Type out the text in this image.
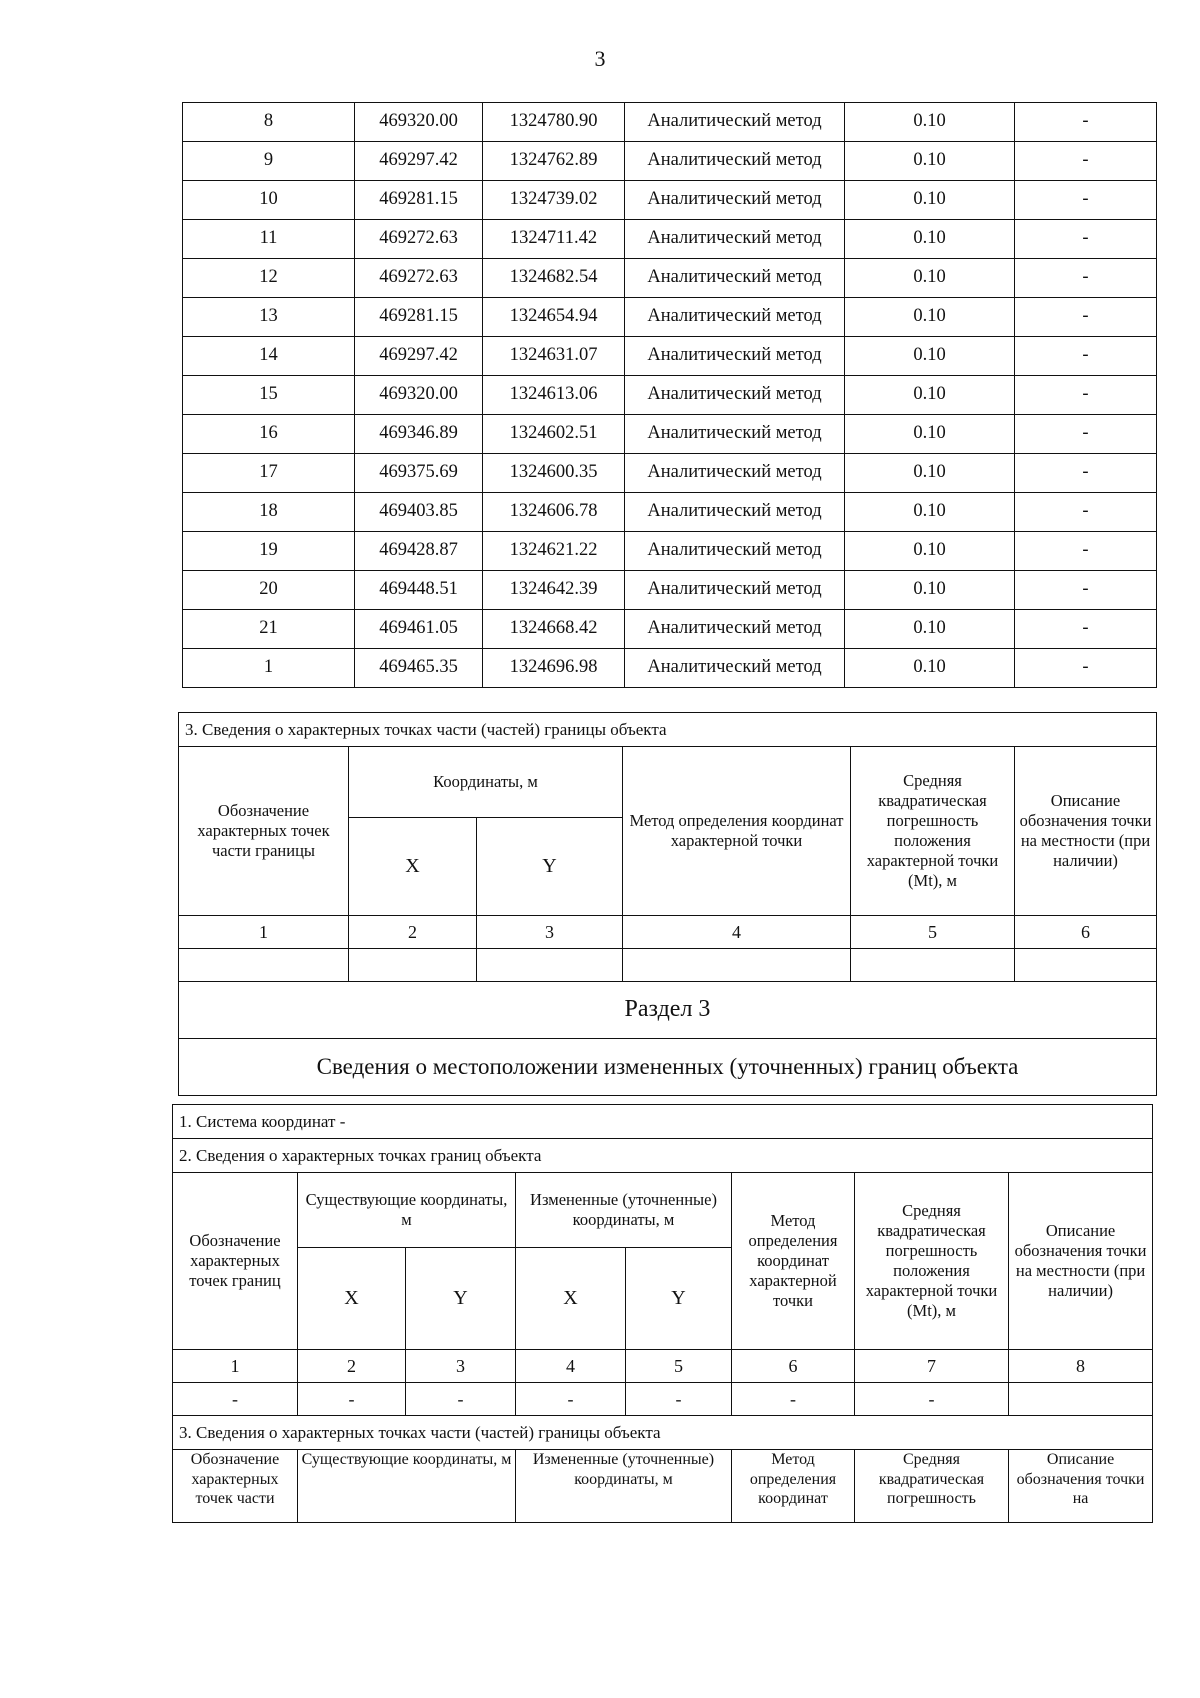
3
8	469320.00	1324780.90	Аналитический метод	0.10	-
9	469297.42	1324762.89	Аналитический метод	0.10	-
10	469281.15	1324739.02	Аналитический метод	0.10	-
11	469272.63	1324711.42	Аналитический метод	0.10	-
12	469272.63	1324682.54	Аналитический метод	0.10	-
13	469281.15	1324654.94	Аналитический метод	0.10	-
14	469297.42	1324631.07	Аналитический метод	0.10	-
15	469320.00	1324613.06	Аналитический метод	0.10	-
16	469346.89	1324602.51	Аналитический метод	0.10	-
17	469375.69	1324600.35	Аналитический метод	0.10	-
18	469403.85	1324606.78	Аналитический метод	0.10	-
19	469428.87	1324621.22	Аналитический метод	0.10	-
20	469448.51	1324642.39	Аналитический метод	0.10	-
21	469461.05	1324668.42	Аналитический метод	0.10	-
1	469465.35	1324696.98	Аналитический метод	0.10	-
3. Сведения о характерных точках части (частей) границы объекта					
Обозначение характерных точек части границы	Координаты, м		Метод определения координат характерной точки	Средняя квадратическая погрешность положения характерной точки (Mt), м	Описание обозначения точки на местности (при наличии)
	X	Y			
1	2	3	4	5	6

Раздел 3					
Сведения о местоположении измененных (уточненных) границ объекта					
1. Система координат -							
2. Сведения о характерных точках границ объекта							
Обозначение характерных точек границ	Существующие координаты, м		Измененные (уточненные) координаты, м		Метод определения координат характерной точки	Средняя квадратическая погрешность положения характерной точки (Mt), м	Описание обозначения точки на местности (при наличии)
	X	Y	X	Y			
1	2	3	4	5	6	7	8
-	-	-	-	-	-	-	
3. Сведения о характерных точках части (частей) границы объекта							
Обозначение характерных точек части	Существующие координаты, м		Измененные (уточненные) координаты, м		Метод определения координат	Средняя квадратическая погрешность	Описание обозначения точки на
